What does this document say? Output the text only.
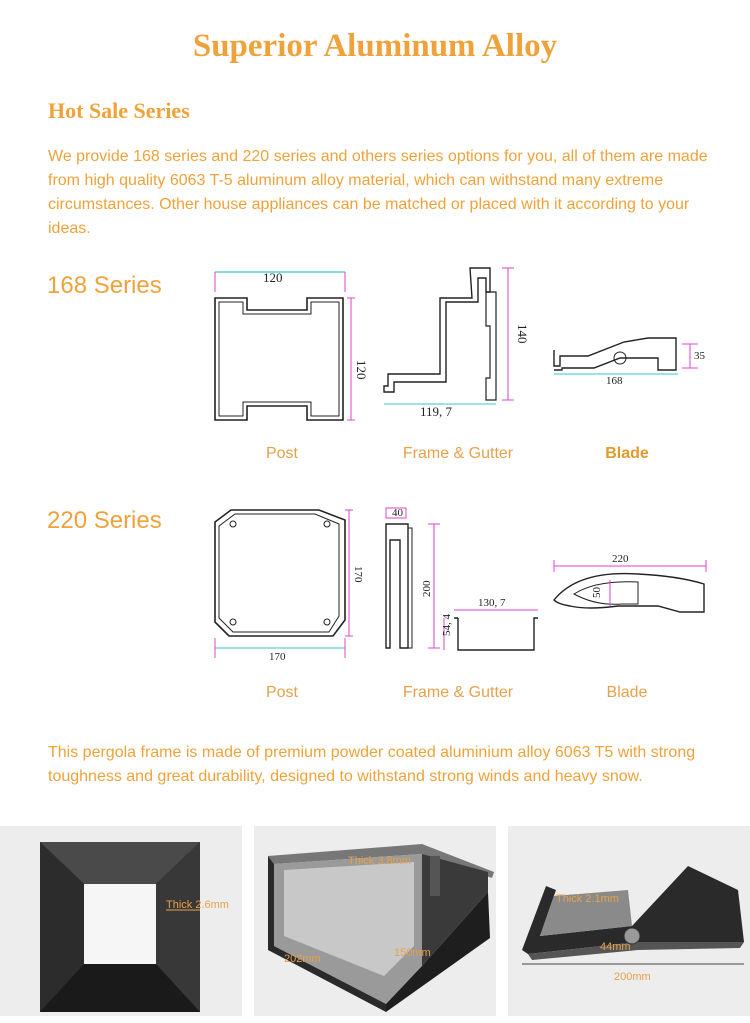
Superior Aluminum Alloy
Hot Sale Series
We provide 168 series and 220 series and others series options for you, all of them are made from high quality 6063 T-5 aluminum alloy material, which can withstand many extreme circumstances. Other house appliances can be matched or placed with it according to your ideas.
168 Series	120
120
Post
140
119, 7
Frame & Gutter
35
168
Blade
220 Series
170
170
Post
40
200
130, 7
54, 4
Frame & Gutter
220
50
Blade
This pergola frame is made of premium powder coated aluminium alloy 6063 T5 with strong toughness and great durability, designed to withstand strong winds and heavy snow.
Thick 2.6mm
Thick 3.8mm
202mm	150mm
Thick 2.1mm
44mm
200mm
